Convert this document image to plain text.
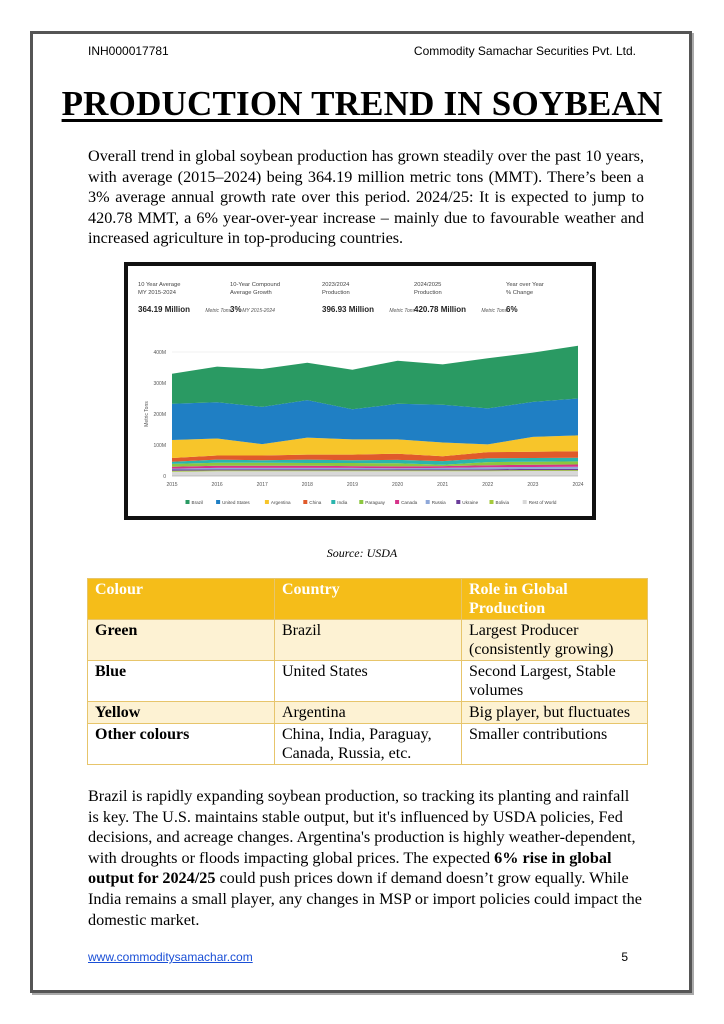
INH000017781	Commodity Samachar Securities Pvt. Ltd.
PRODUCTION TREND IN SOYBEAN
Overall trend in global soybean production has grown steadily over the past 10 years, with average (2015–2024) being 364.19 million metric tons (MMT). There’s been a 3% average annual growth rate over this period. 2024/25: It is expected to jump to 420.78 MMT, a 6% year-over-year increase – mainly due to favourable weather and increased agriculture in top-producing countries.
10 Year Average
MY 2015-2024
364.19 Million	Metric Tons
10-Year Compound
Average Growth
3% MY 2015-2024
2023/2024
Production
396.93 Million	Metric Tons
2024/2025
Production
420.78 Million	Metric Tons
Year over Year
% Change
6%
0
100M
200M
300M
400M
Metric Tons
2015	2016	2017	2018	2019	2020	2021	2022	2023	2024
Brazil	United States	Argentina	China	India	Paraguay	Canada	Russia	Ukraine	Bolivia	Rest of World
Source: USDA
Colour	Country	Role in Global Production
Green	Brazil	Largest Producer (consistently growing)
Blue	United States	Second Largest, Stable volumes
Yellow	Argentina	Big player, but fluctuates
Other colours	China, India, Paraguay, Canada, Russia, etc.	Smaller contributions
Brazil is rapidly expanding soybean production, so tracking its planting and rainfall is key. The U.S. maintains stable output, but it's influenced by USDA policies, Fed decisions, and acreage changes. Argentina's production is highly weather-dependent, with droughts or floods impacting global prices. The expected 6% rise in global output for 2024/25 could push prices down if demand doesn’t grow equally. While India remains a small player, any changes in MSP or import policies could impact the domestic market.
www.commoditysamachar.com	5
